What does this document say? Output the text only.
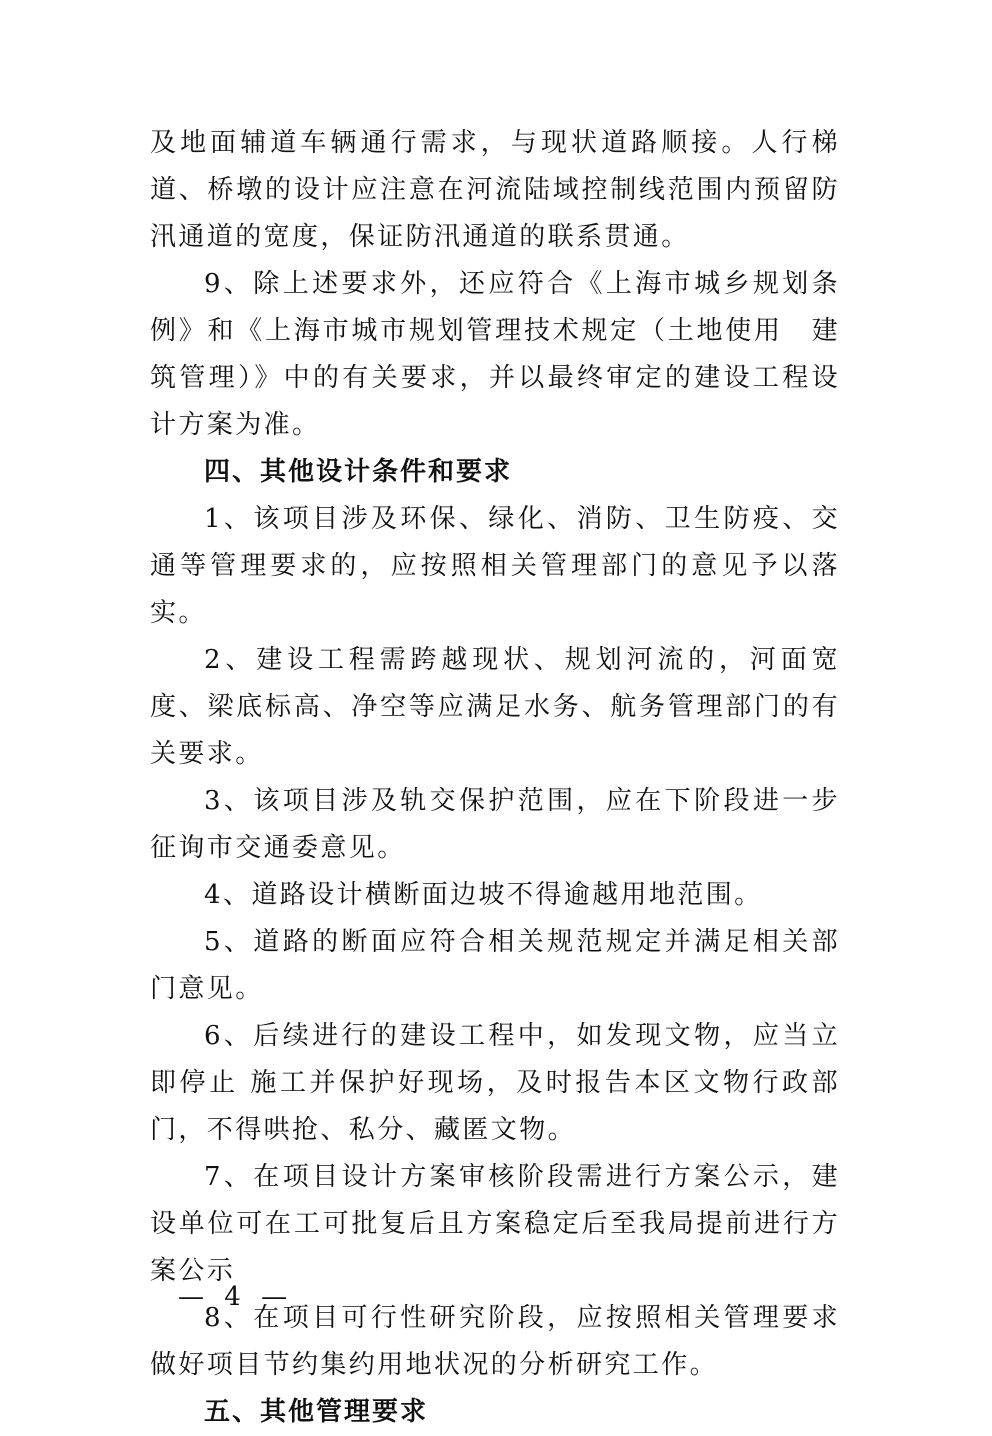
及地面辅道车辆通行需求，与现状道路顺接。人行梯道、桥墩的设计应注意在河流陆域控制线范围内预留防汛通道的宽度，保证防汛通道的联系贯通。

9、除上述要求外，还应符合《上海市城乡规划条例》和《上海市城市规划管理技术规定（土地使用　建筑管理）》中的有关要求，并以最终审定的建设工程设计方案为准。

四、其他设计条件和要求

1、该项目涉及环保、绿化、消防、卫生防疫、交通等管理要求的，应按照相关管理部门的意见予以落实。

2、建设工程需跨越现状、规划河流的，河面宽度、梁底标高、净空等应满足水务、航务管理部门的有关要求。

3、该项目涉及轨交保护范围，应在下阶段进一步征询市交通委意见。

4、道路设计横断面边坡不得逾越用地范围。

5、道路的断面应符合相关规范规定并满足相关部门意见。

6、后续进行的建设工程中，如发现文物，应当立即停止 施工并保护好现场，及时报告本区文物行政部门，不得哄抢、私分、藏匿文物。

7、在项目设计方案审核阶段需进行方案公示，建设单位可在工可批复后且方案稳定后至我局提前进行方案公示

8、在项目可行性研究阶段，应按照相关管理要求做好项目节约集约用地状况的分析研究工作。

五、其他管理要求

— 4 —
